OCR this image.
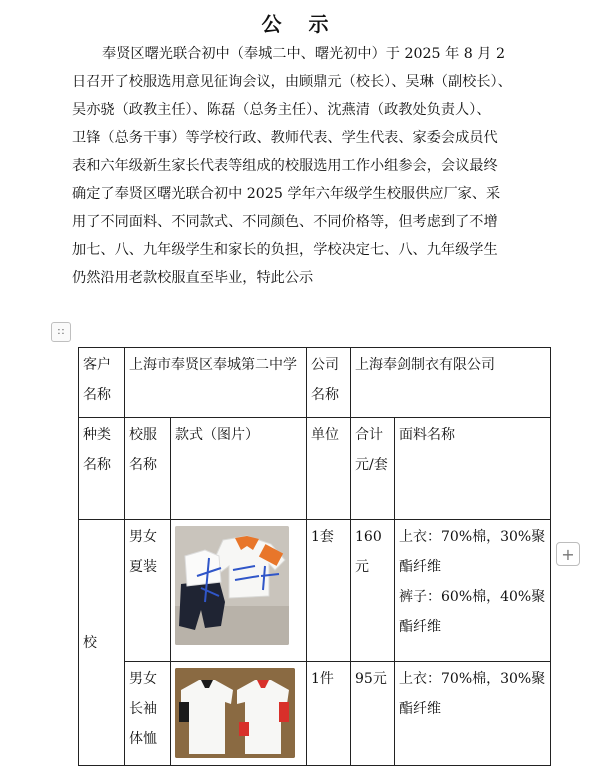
公 示
奉贤区曙光联合初中（奉城二中、曙光初中）于 2025 年 8 月 2
日召开了校服选用意见征询会议，由顾鼎元（校长）、吴琳（副校长）、
吴亦骁（政教主任）、陈磊（总务主任）、沈燕清（政教处负责人）、
卫锋（总务干事）等学校行政、教师代表、学生代表、家委会成员代
表和六年级新生家长代表等组成的校服选用工作小组参会，会议最终
确定了奉贤区曙光联合初中 2025 学年六年级学生校服供应厂家、采
用了不同面料、不同款式、不同颜色、不同价格等，但考虑到了不增
加七、八、九年级学生和家长的负担，学校决定七、八、九年级学生
仍然沿用老款校服直至毕业，特此公示
∷
客户名称	上海市奉贤区奉城第二中学		公司名称	上海奉剑制衣有限公司	
种类名称	校服名称	款式（图片）	单位	合计元/套	面料名称
校	男女夏装		1套	160元	上衣：70%棉，30%聚酯纤维
裤子：60%棉，40%聚酯纤维

	男女长袖体恤		1件	95元	上衣：70%棉，30%聚酯纤维
+
